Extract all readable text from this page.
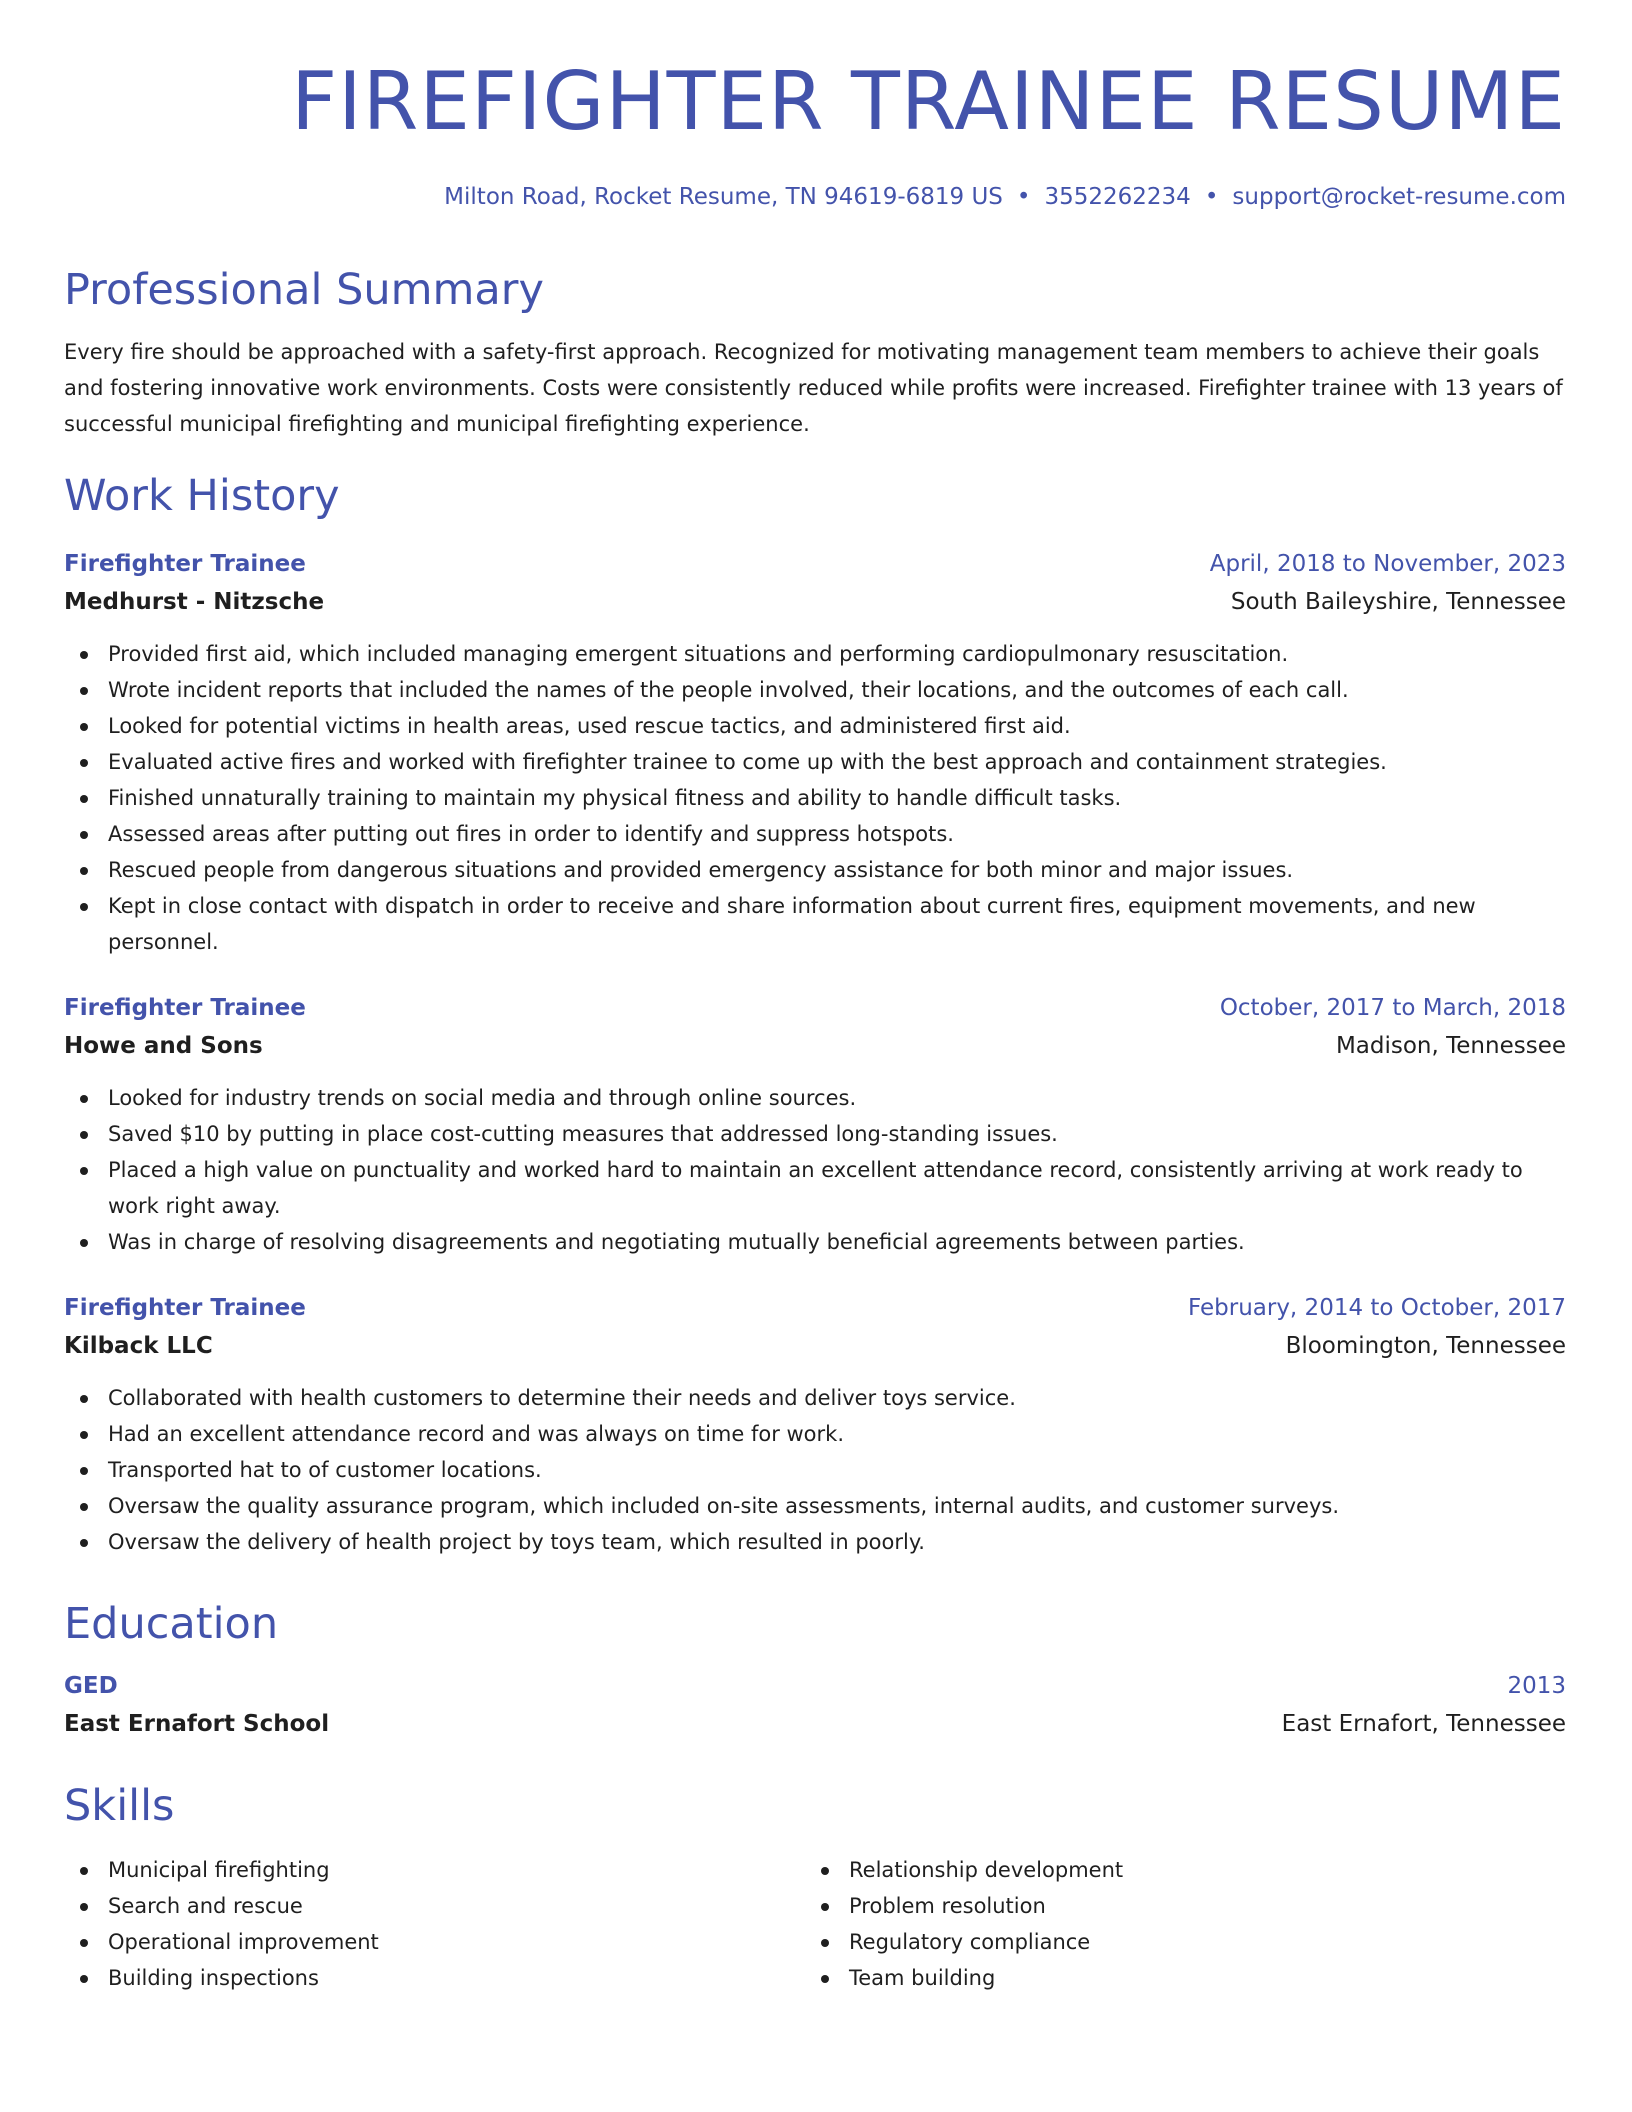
FIREFIGHTER TRAINEE RESUME
Milton Road, Rocket Resume, TN 94619-6819 US • 3552262234 • support@rocket-resume.com
Professional Summary

Every fire should be approached with a safety-first approach. Recognized for motivating management team members to achieve their goals and fostering innovative work environments. Costs were consistently reduced while profits were increased. Firefighter trainee with 13 years of successful municipal firefighting and municipal firefighting experience.

Work History
Firefighter Trainee	April, 2018 to November, 2023
Medhurst - Nitzsche	South Baileyshire, Tennessee
Provided first aid, which included managing emergent situations and performing cardiopulmonary resuscitation.
Wrote incident reports that included the names of the people involved, their locations, and the outcomes of each call.
Looked for potential victims in health areas, used rescue tactics, and administered first aid.
Evaluated active fires and worked with firefighter trainee to come up with the best approach and containment strategies.
Finished unnaturally training to maintain my physical fitness and ability to handle difficult tasks.
Assessed areas after putting out fires in order to identify and suppress hotspots.
Rescued people from dangerous situations and provided emergency assistance for both minor and major issues.
Kept in close contact with dispatch in order to receive and share information about current fires, equipment movements, and new personnel.
Firefighter Trainee	October, 2017 to March, 2018
Howe and Sons	Madison, Tennessee
Looked for industry trends on social media and through online sources.
Saved $10 by putting in place cost-cutting measures that addressed long-standing issues.
Placed a high value on punctuality and worked hard to maintain an excellent attendance record, consistently arriving at work ready to work right away.
Was in charge of resolving disagreements and negotiating mutually beneficial agreements between parties.
Firefighter Trainee	February, 2014 to October, 2017
Kilback LLC	Bloomington, Tennessee
Collaborated with health customers to determine their needs and deliver toys service.
Had an excellent attendance record and was always on time for work.
Transported hat to of customer locations.
Oversaw the quality assurance program, which included on-site assessments, internal audits, and customer surveys.
Oversaw the delivery of health project by toys team, which resulted in poorly.
Education
GED	2013
East Ernafort School	East Ernafort, Tennessee
Skills
Municipal firefighting
Search and rescue
Operational improvement
Building inspections
Relationship development
Problem resolution
Regulatory compliance
Team building
